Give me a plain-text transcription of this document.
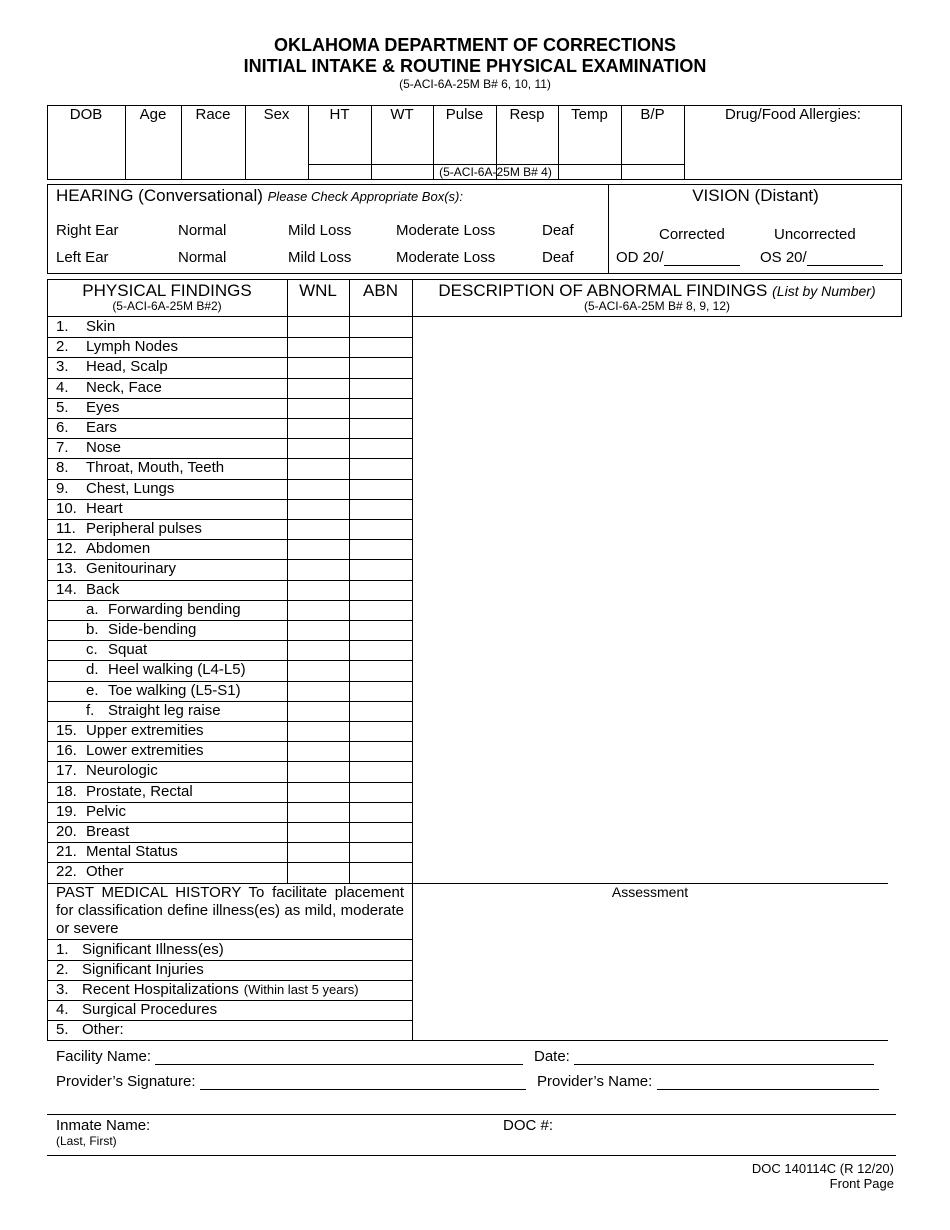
OKLAHOMA DEPARTMENT OF CORRECTIONS
INITIAL INTAKE & ROUTINE PHYSICAL EXAMINATION
(5-ACI-6A-25M B# 6, 10, 11)
DOB	Age	Race	Sex	HT	WT	Pulse	Resp	Temp	B/P	Drug/Food Allergies:
(5-ACI-6A-25M B# 4)
HEARING (Conversational) Please Check Appropriate Box(s):
Right Ear	Normal	Mild Loss	Moderate Loss	Deaf
Left Ear	Normal	Mild Loss	Moderate Loss	Deaf
VISION (Distant)
Corrected	Uncorrected
OD 20/	OS 20/
PHYSICAL FINDINGS
(5-ACI-6A-25M B#2)
WNL	ABN	DESCRIPTION OF ABNORMAL FINDINGS (List by Number)
(5-ACI-6A-25M B# 8, 9, 12)
1. Skin
2. Lymph Nodes
3. Head, Scalp
4. Neck, Face
5. Eyes
6. Ears
7. Nose
8. Throat, Mouth, Teeth
9. Chest, Lungs
10. Heart
11. Peripheral pulses
12. Abdomen
13. Genitourinary
14. Back
a. Forwarding bending
b. Side-bending
c. Squat
d. Heel walking (L4-L5)
e. Toe walking (L5-S1)
f. Straight leg raise
15. Upper extremities
16. Lower extremities
17. Neurologic
18. Prostate, Rectal
19. Pelvic
20. Breast
21. Mental Status
22. Other
PAST MEDICAL HISTORY To facilitate placement for classification define illness(es) as mild, moderate or severe
Assessment
1. Significant Illness(es)
2. Significant Injuries
3. Recent Hospitalizations (Within last 5 years)
4. Surgical Procedures
5. Other:
Facility Name:	Date:
Provider’s Signature:	Provider’s Name:
Inmate Name:
(Last, First)
DOC #:
DOC 140114C (R 12/20)
Front Page
